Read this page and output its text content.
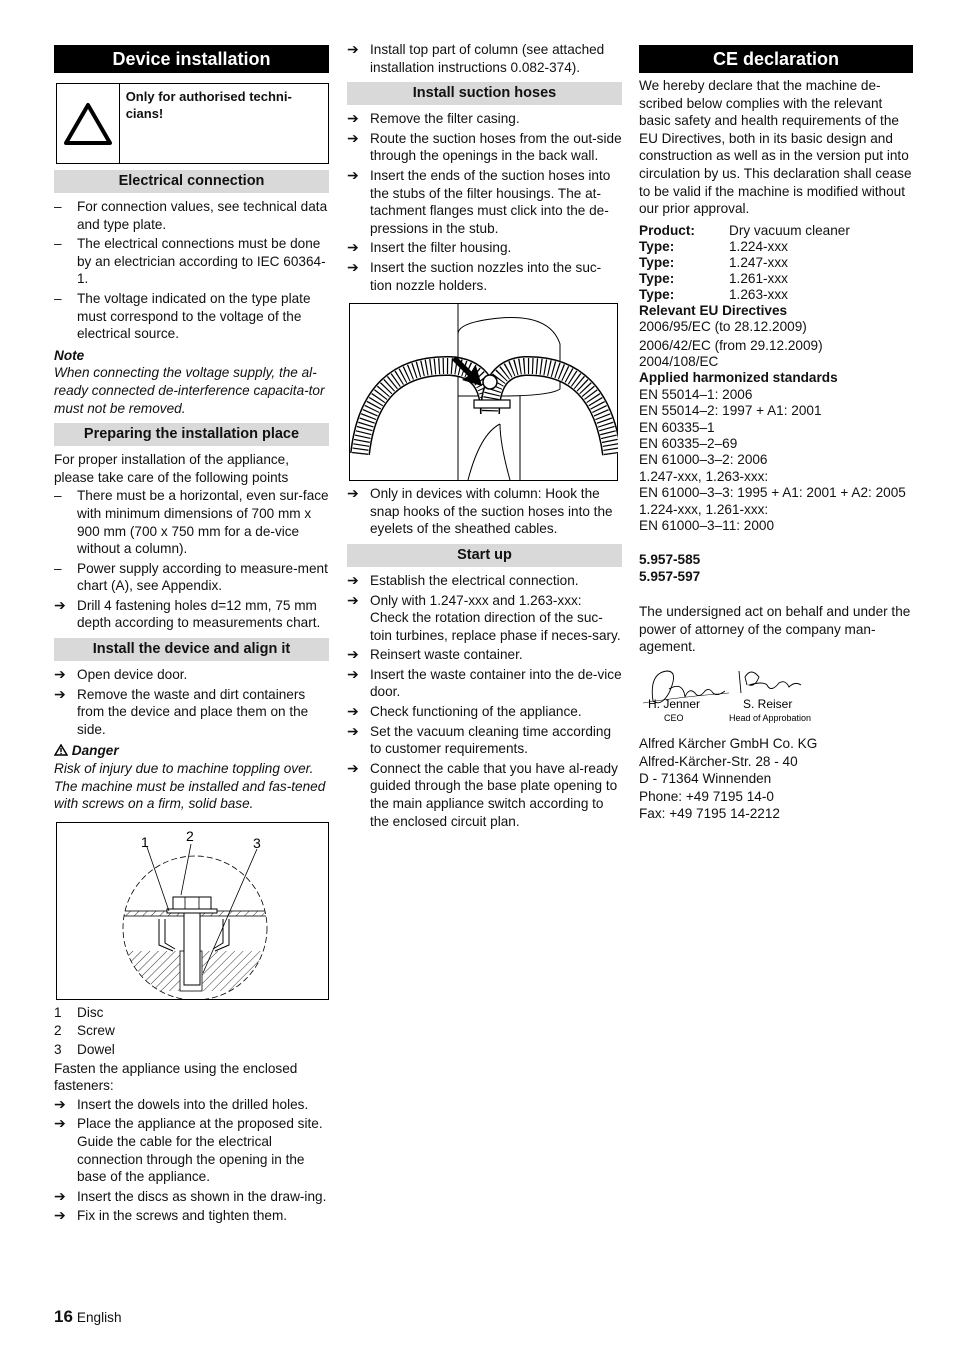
Device installation
Only for authorised techni-cians!
Electrical connection
–	For connection values, see technical data and type plate.
–	The electrical connections must be done by an electrician according to IEC 60364-1.
–	The voltage indicated on the type plate must correspond to the voltage of the electrical source.

Note

When connecting the voltage supply, the al-ready connected de-interference capacita-tor must not be removed.

Preparing the installation place

For proper installation of the appliance, please take care of the following points

–	There must be a horizontal, even sur-face with minimum dimensions of 700 mm x 900 mm (700 x 750 mm for a de-vice without a column).
–	Power supply according to measure-ment chart (A), see Appendix.
➔ Drill 4 fastening holes d=12 mm, 75 mm depth according to measurements chart.
Install the device and align it
➔ Open device door.
➔ Remove the waste and dirt containers from the device and place them on the side.

Danger

Risk of injury due to machine toppling over. The machine must be installed and fas-tened with screws on a firm, solid base.

1	2	3
1	Disc
2	Screw
3	Dowel

Fasten the appliance using the enclosed fasteners:

➔ Insert the dowels into the drilled holes.
➔ Place the appliance at the proposed site. Guide the cable for the electrical connection through the opening in the base of the appliance.
➔ Insert the discs as shown in the draw-ing.
➔ Fix in the screws and tighten them.
➔ Install top part of column (see attached installation instructions 0.082-374).
Install suction hoses
➔ Remove the filter casing.
➔ Route the suction hoses from the out-side through the openings in the back wall.
➔ Insert the ends of the suction hoses into the stubs of the filter housings. The at-tachment flanges must click into the de-pressions in the stub.
➔ Insert the filter housing.
➔ Insert the suction nozzles into the suc-tion nozzle holders.
➔ Only in devices with column: Hook the snap hooks of the suction hoses into the eyelets of the sheathed cables.
Start up
➔ Establish the electrical connection.
➔ Only with 1.247-xxx and 1.263-xxx: Check the rotation direction of the suc-toin turbines, replace phase if neces-sary.
➔ Reinsert waste container.
➔ Insert the waste container into the de-vice door.
➔ Check functioning of the appliance.
➔ Set the vacuum cleaning time according to customer requirements.
➔ Connect the cable that you have al-ready guided through the base plate opening to the main appliance switch according to the enclosed circuit plan.
CE declaration

We hereby declare that the machine de-scribed below complies with the relevant basic safety and health requirements of the EU Directives, both in its basic design and construction as well as in the version put into circulation by us. This declaration shall cease to be valid if the machine is modified without our prior approval.

Product:	Dry vacuum cleaner
Type:	1.224-xxx
Type:	1.247-xxx
Type:	1.261-xxx
Type:	1.263-xxx

Relevant EU Directives

2006/95/EC (to 28.12.2009)

2006/42/EC (from 29.12.2009)

2004/108/EC

Applied harmonized standards

EN 55014–1: 2006

EN 55014–2: 1997 + A1: 2001

EN 60335–1

EN 60335–2–69

EN 61000–3–2: 2006

1.247-xxx, 1.263-xxx:

EN 61000–3–3: 1995 + A1: 2001 + A2: 2005

1.224-xxx, 1.261-xxx:

EN 61000–3–11: 2000

5.957-585

5.957-597

The undersigned act on behalf and under the power of attorney of the company man-agement.

H. Jenner	S. Reiser
CEO	Head of Approbation

Alfred Kärcher GmbH Co. KG

Alfred-Kärcher-Str. 28 - 40

D - 71364 Winnenden

Phone: +49 7195 14-0

Fax: +49 7195 14-2212

16 English
